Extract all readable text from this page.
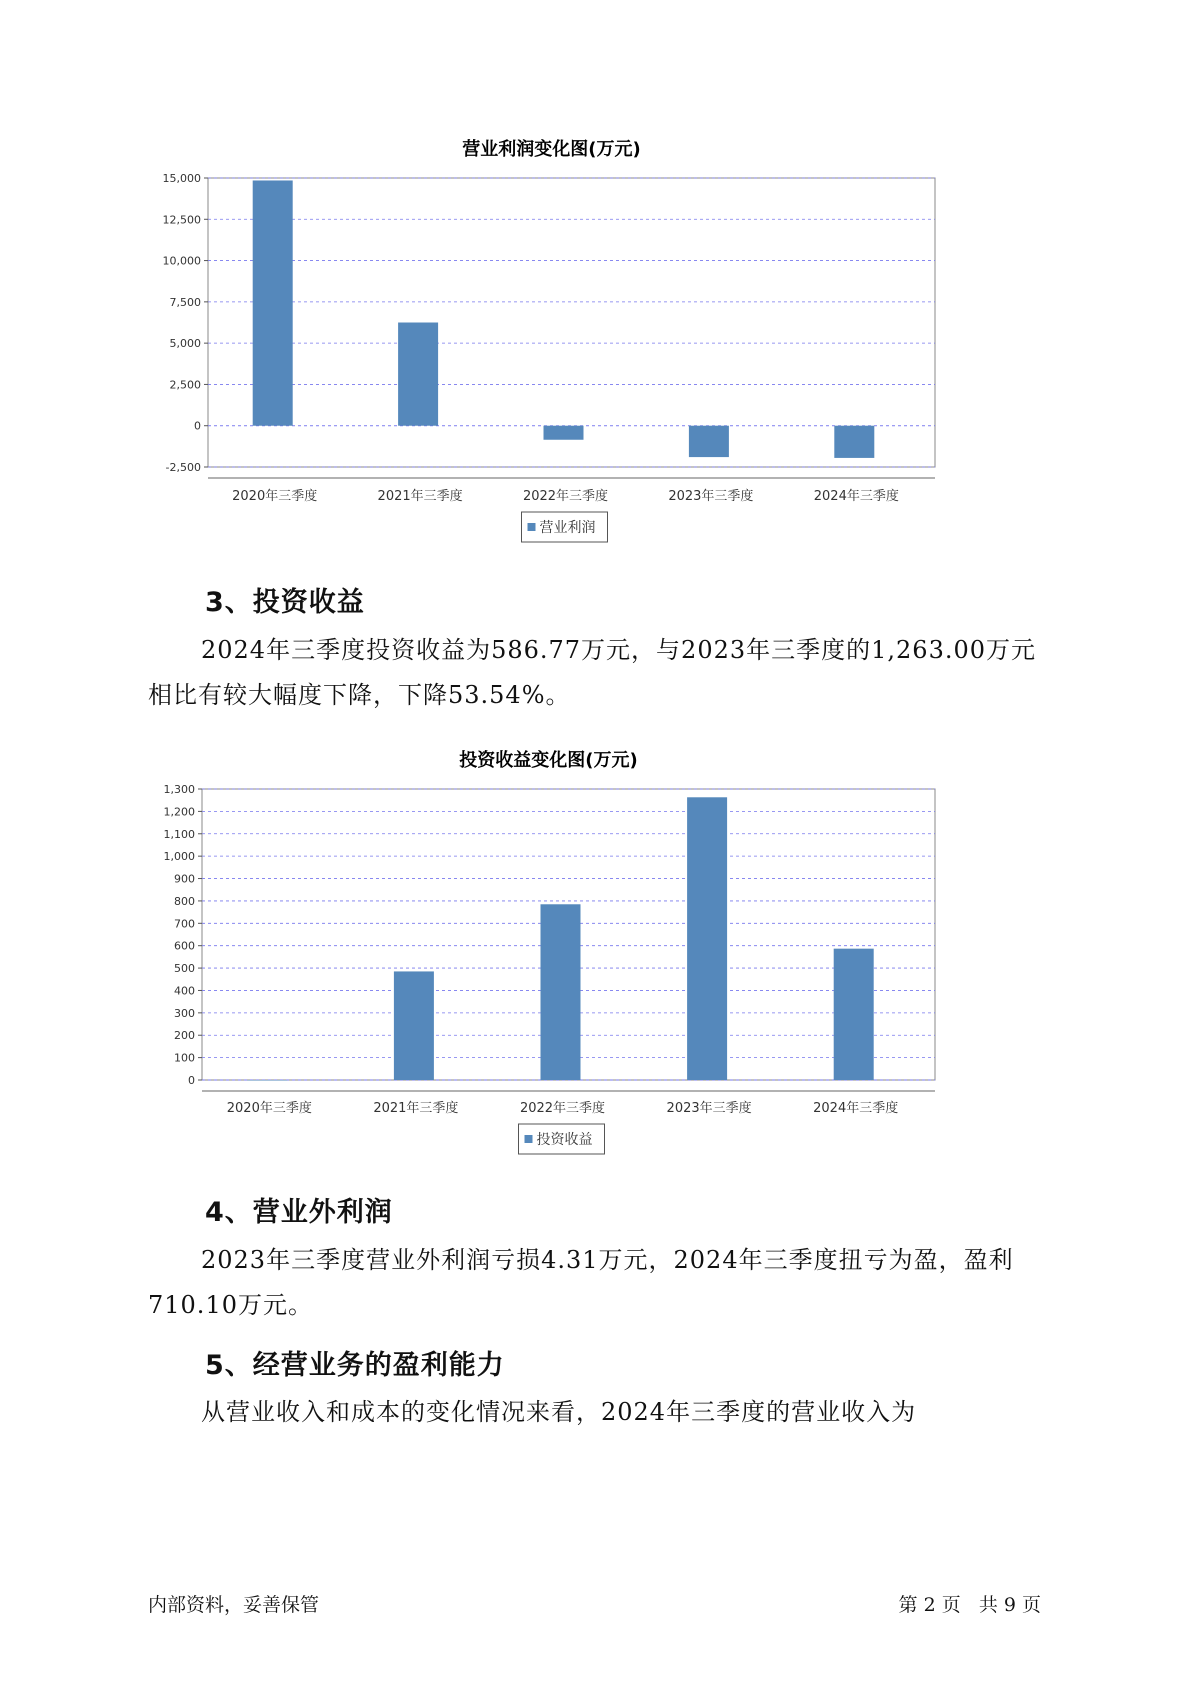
营业利润变化图(万元)
-2,500
0
2,500
5,000
7,500
10,000
12,500
15,000
2020年三季度	2021年三季度	2022年三季度	2023年三季度	2024年三季度
营业利润
3、投资收益

2024年三季度投资收益为586.77万元，与2023年三季度的1,263.00万元相比有较大幅度下降，下降53.54%。

投资收益变化图(万元)
0
100
200
300
400
500
600
700
800
900
1,000
1,100
1,200
1,300
2020年三季度	2021年三季度	2022年三季度	2023年三季度	2024年三季度
投资收益
4、营业外利润

2023年三季度营业外利润亏损4.31万元，2024年三季度扭亏为盈，盈利710.10万元。

5、经营业务的盈利能力

从营业收入和成本的变化情况来看，2024年三季度的营业收入为

内部资料，妥善保管	第 2 页   共 9 页
